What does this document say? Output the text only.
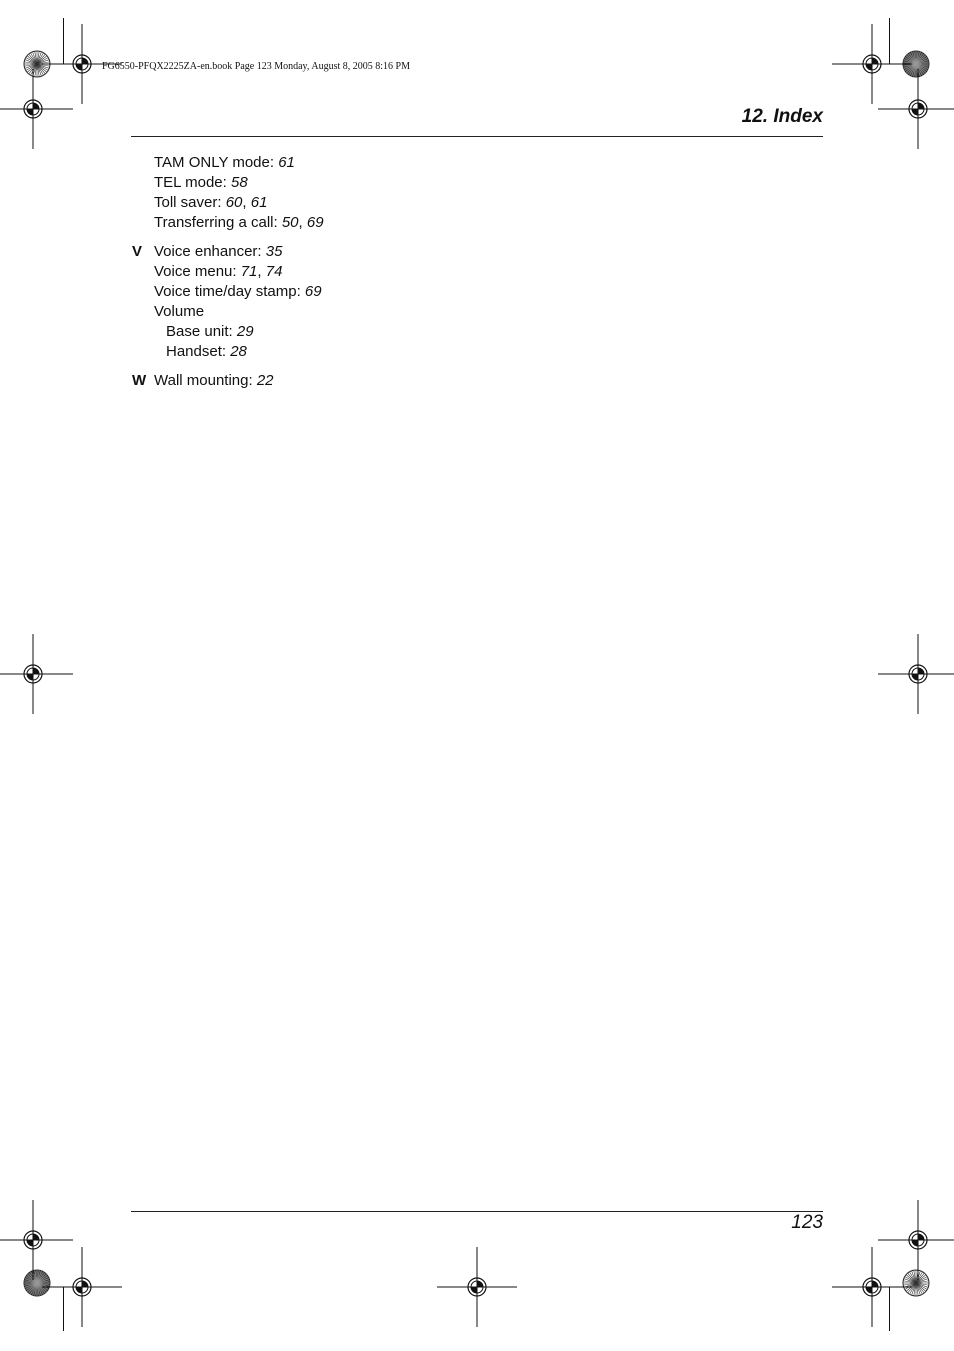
FG6550-PFQX2225ZA-en.book Page 123 Monday, August 8, 2005 8:16 PM
12. Index
TAM ONLY mode: 61
TEL mode: 58
Toll saver: 60, 61
Transferring a call: 50, 69
V Voice enhancer: 35
Voice menu: 71, 74
Voice time/day stamp: 69
Volume
Base unit: 29
Handset: 28
W Wall mounting: 22
123
